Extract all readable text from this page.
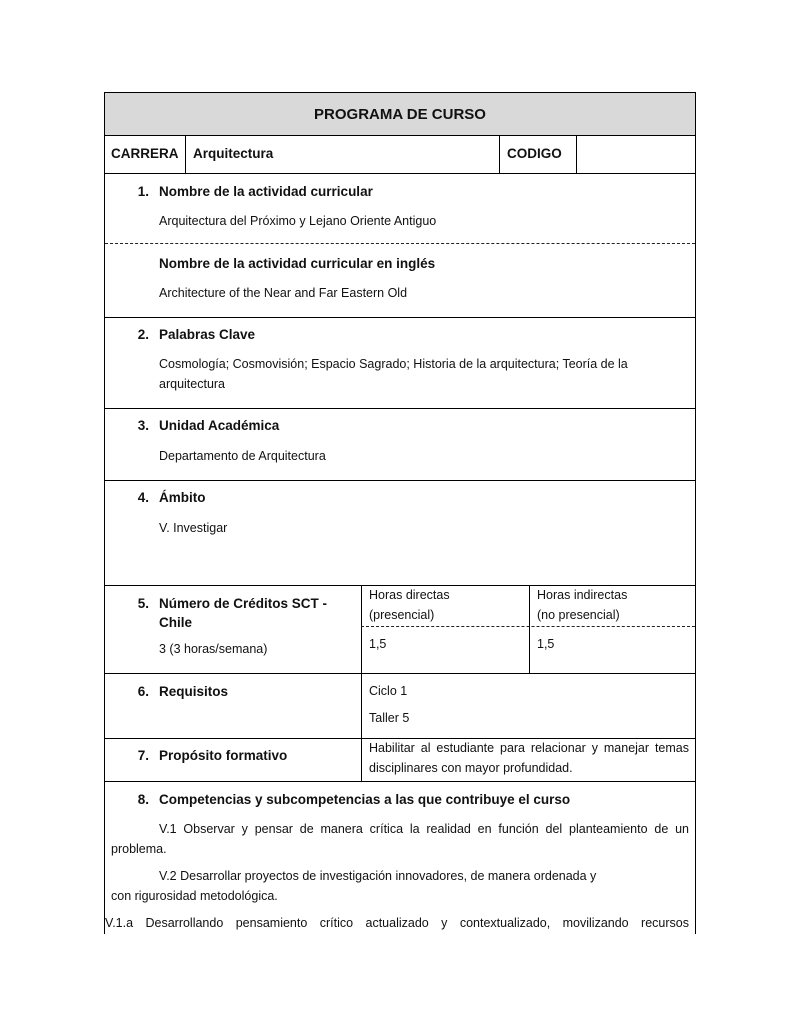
PROGRAMA DE CURSO
CARRERA Arquitectura	CODIGO
1. Nombre de la actividad curricular
Arquitectura del Próximo y Lejano Oriente Antiguo
Nombre de la actividad curricular en inglés
Architecture of the Near and Far Eastern Old
2. Palabras Clave
Cosmología; Cosmovisión; Espacio Sagrado; Historia de la arquitectura; Teoría de la
arquitectura
3. Unidad Académica
Departamento de Arquitectura
4. Ámbito
V. Investigar
5. Número de Créditos SCT -
Chile
3 (3 horas/semana)
Horas directas
(presencial)
Horas indirectas
(no presencial)
1,5	1,5
6. Requisitos	Ciclo 1
Taller 5
7. Propósito formativo	Habilitar al estudiante para relacionar y manejar temas disciplinares con mayor profundidad.
8. Competencias y subcompetencias a las que contribuye el curso
V.1 Observar y pensar de manera crítica la realidad en función del planteamiento de un problema.
V.2 Desarrollar proyectos de investigación innovadores, de manera ordenada y con rigurosidad metodológica.
V.1.a Desarrollando pensamiento crítico actualizado y contextualizado, movilizando recursos
